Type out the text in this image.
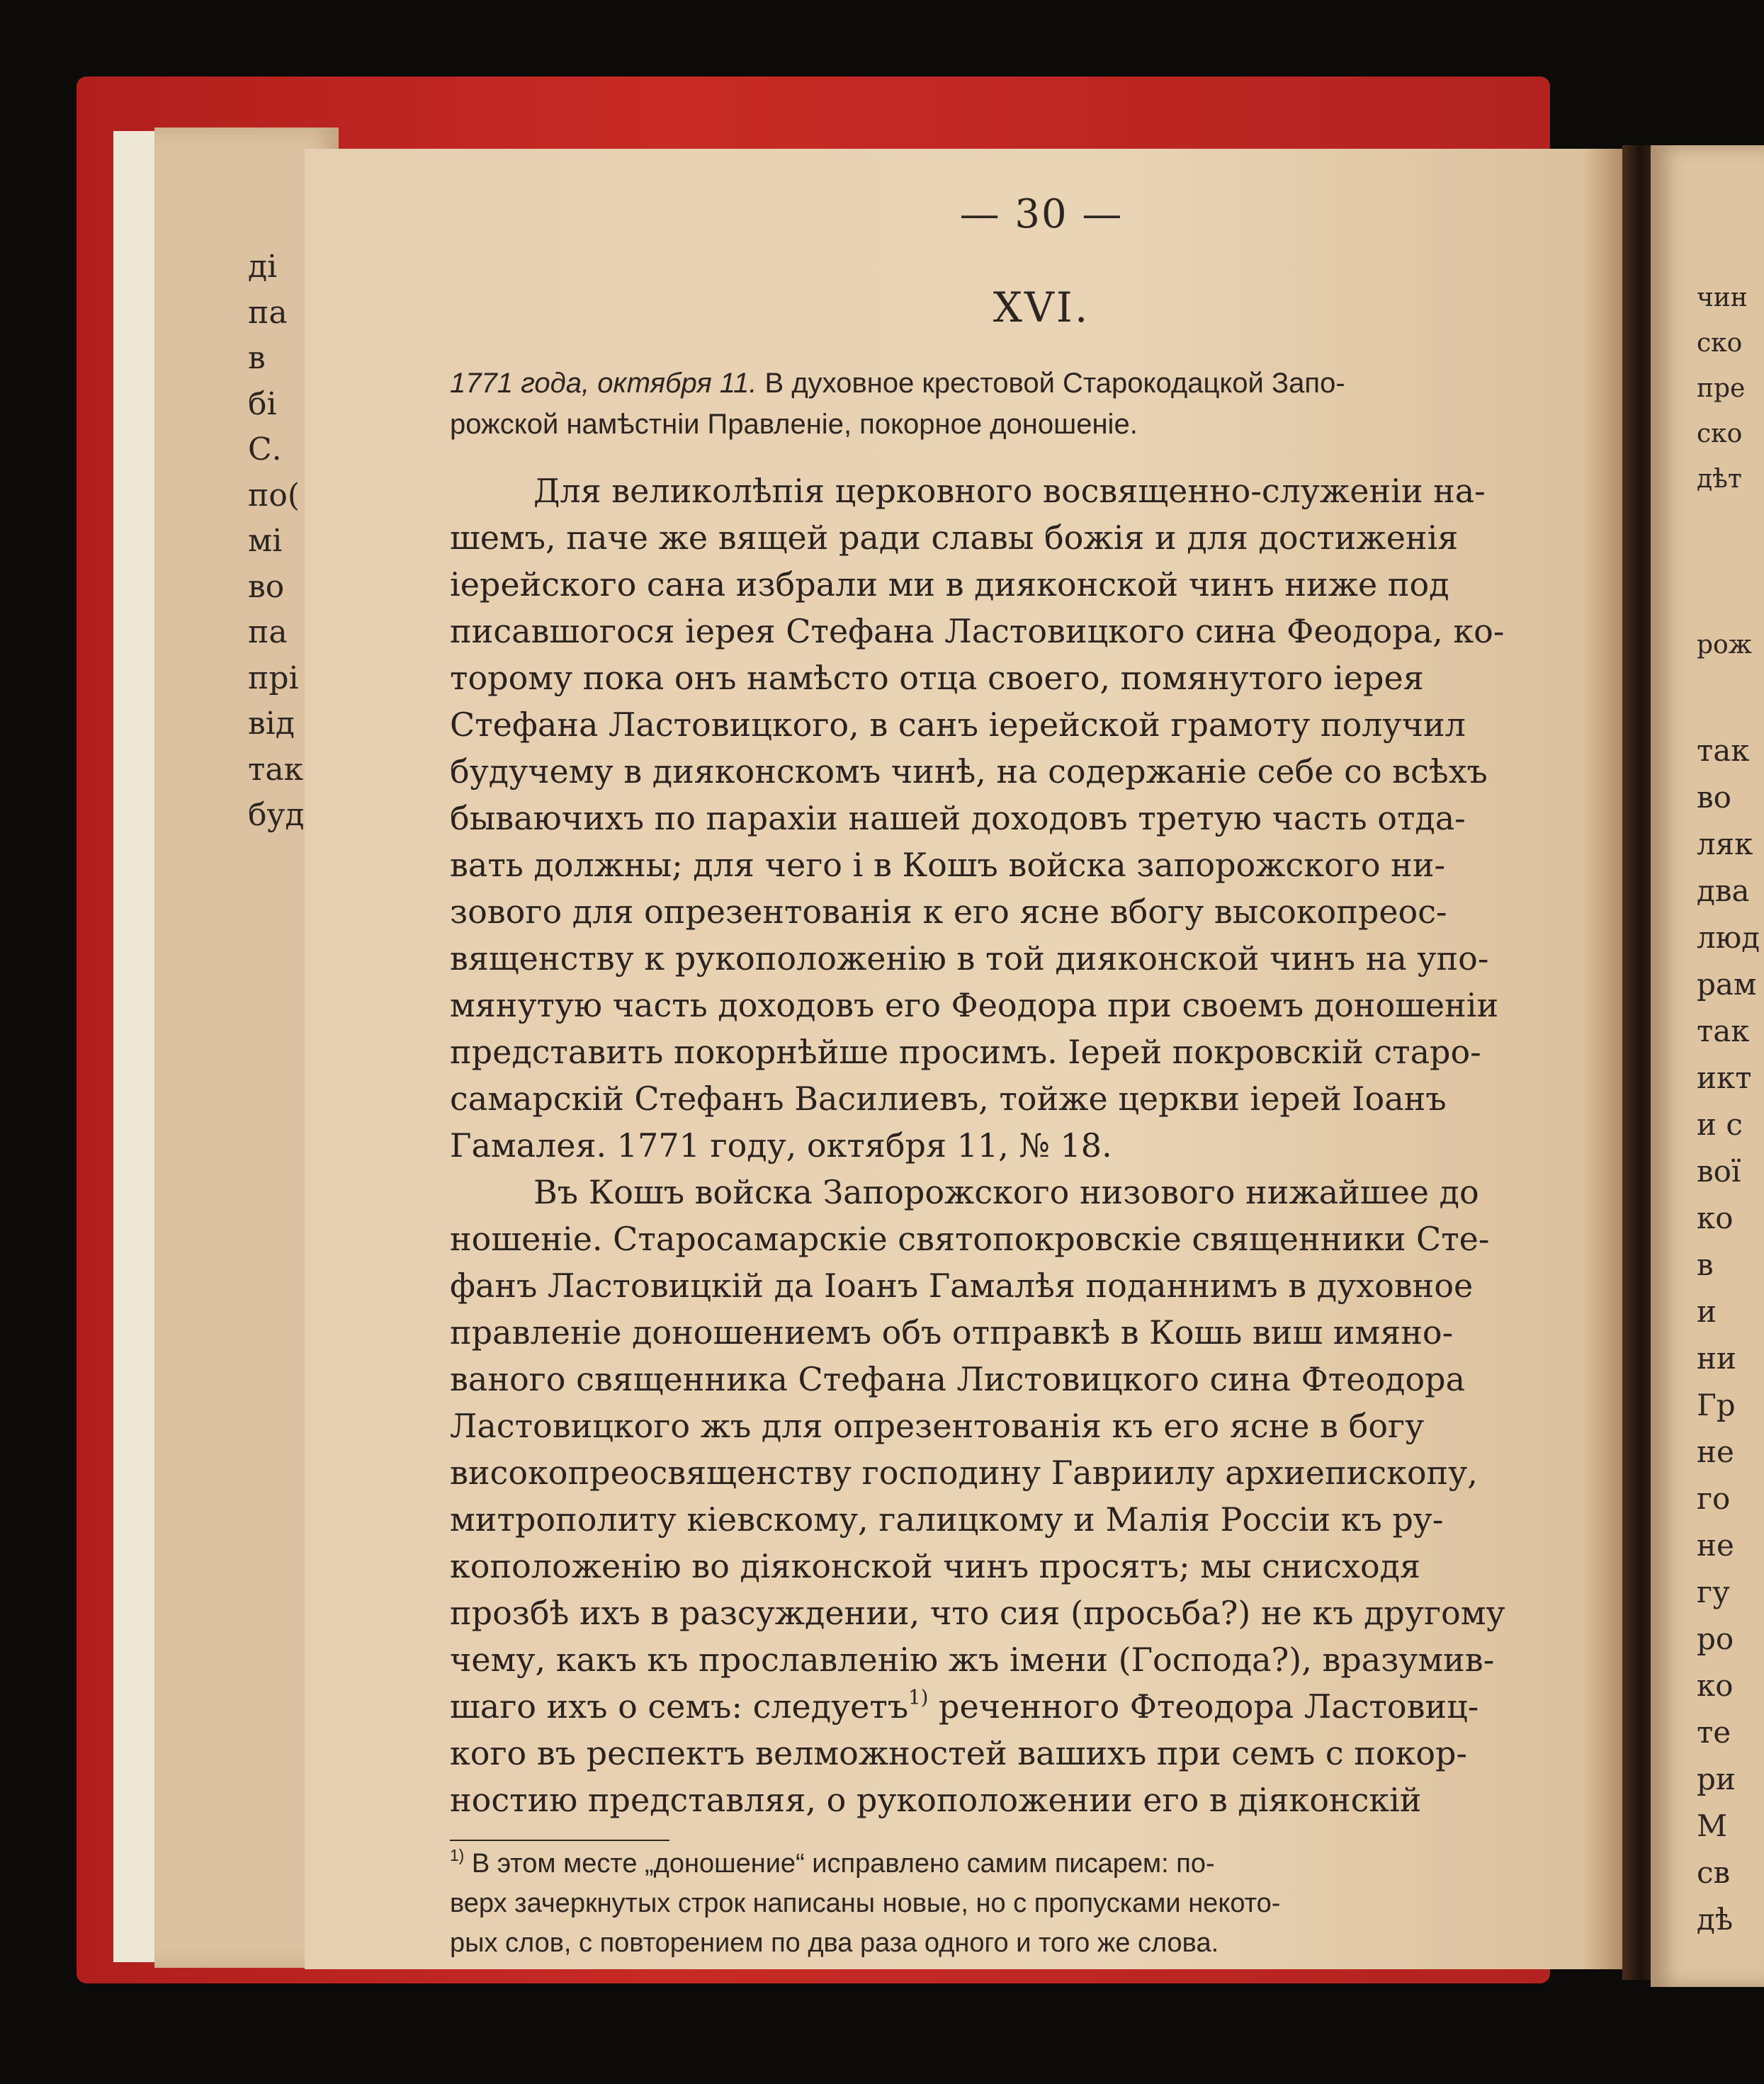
ді
па
в
бі
С.
по(
мі
во
па
прі
від
так
буд
чин
ско
пре
ско
дѣт
рож
так
во
ляк
два
люд
рам
так
икт
и с
вої
ко
в
и
ни
Гр
не
го
не
гу
ро
ко
те
ри
М
св
дѣ
— 30 —
XVI.
1771 года, октября 11. В духовное крестовой Старокодацкой Запо-
рожской намѣстніи Правленіе, покорное доношеніе.
Для великолѣпія церковного восвященно-служеніи на-
шемъ, паче же вящей ради славы божія и для достиженія
іерейского сана избрали ми в дияконской чинъ ниже под
писавшогося іерея Стефана Ластовицкого сина Феодора, ко-
торому пока онъ намѣсто отца своего, помянутого іерея
Стефана Ластовицкого, в санъ іерейской грамоту получил
будучему в дияконскомъ чинѣ, на содержаніе себе со всѣхъ
бываючихъ по парахіи нашей доходовъ третую часть отда-
вать должны; для чего і в Кошъ войска запорожского ни-
зового для опрезентованія к его ясне вбогу высокопреос-
вященству к рукоположенію в той дияконской чинъ на упо-
мянутую часть доходовъ его Феодора при своемъ доношеніи
представить покорнѣйше просимъ. Іерей покровскій старо-
самарскій Стефанъ Василиевъ, тойже церкви іерей Іоанъ
Гамалея. 1771 году, октября 11, № 18.
Въ Кошъ войска Запорожского низового нижайшее до
ношеніе. Старосамарскіе святопокровскіе священники Сте-
фанъ Ластовицкій да Іоанъ Гамалѣя поданнимъ в духовное
правленіе доношениемъ объ отправкѣ в Кошь виш имяно-
ваного священника Стефана Листовицкого сина Фтеодора
Ластовицкого жъ для опрезентованія къ его ясне в богу
високопреосвященству господину Гавриилу архиепископу,
митрополиту кіевскому, галицкому и Малія Россіи къ ру-
коположенію во діяконской чинъ просятъ; мы снисходя
прозбѣ ихъ в разсуждении, что сия (просьба?) не къ другому
чему, какъ къ прославленію жъ імени (Господа?), вразумив-
шаго ихъ о семъ: следуетъ$^{1)}$ реченного Фтеодора Ластовиц-
кого въ респектъ велможностей вашихъ при семъ с покор-
ностию представляя, о рукоположении его в діяконскій
$^{1)}$ В этом месте „доношение“ исправлено самим писарем: по-
верх зачеркнутых строк написаны новые, но с пропусками некото-
рых слов, с повторением по два раза одного и того же слова.
